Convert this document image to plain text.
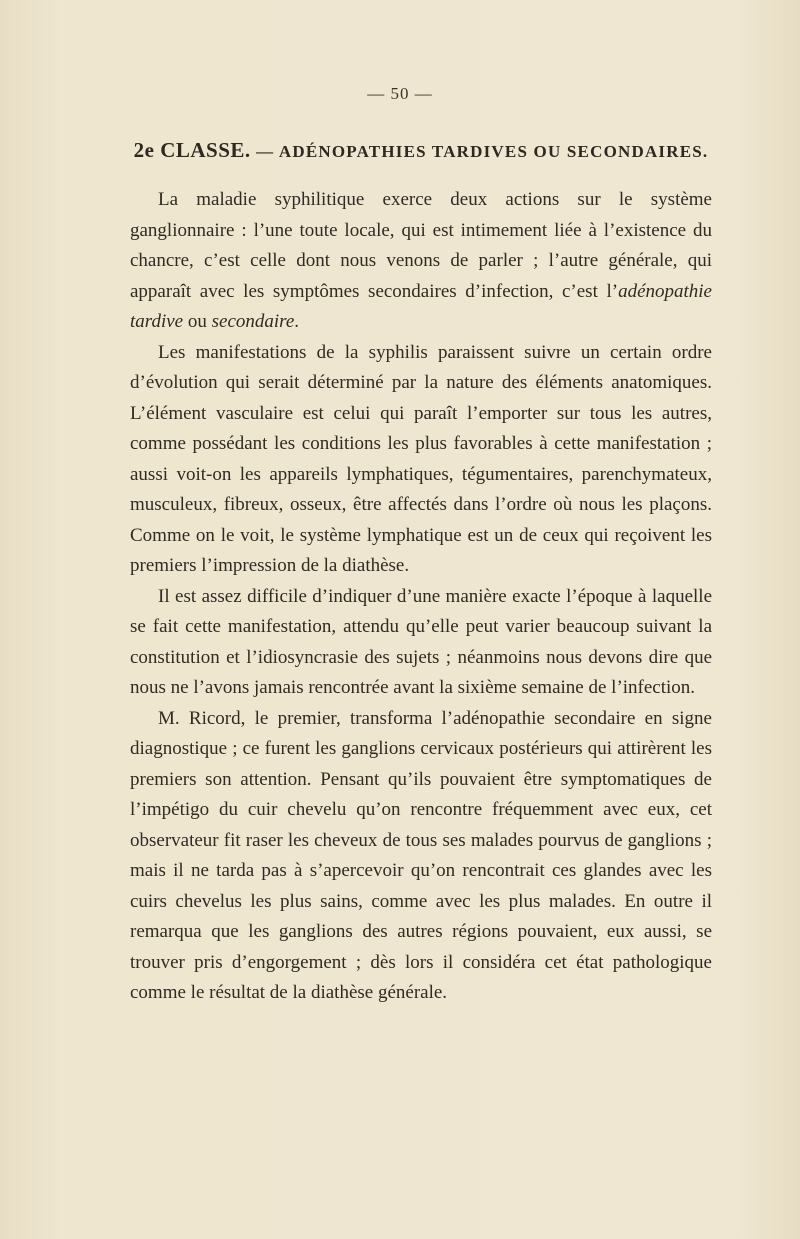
— 50 —
2e CLASSE. — ADÉNOPATHIES TARDIVES OU SECONDAIRES.

La maladie syphilitique exerce deux actions sur le système ganglionnaire : l’une toute locale, qui est intimement liée à l’existence du chancre, c’est celle dont nous venons de parler ; l’autre générale, qui apparaît avec les symptômes secondaires d’infection, c’est l’adénopathie tardive ou secondaire.

Les manifestations de la syphilis paraissent suivre un certain ordre d’évolution qui serait déterminé par la nature des éléments anatomiques. L’élément vasculaire est celui qui paraît l’emporter sur tous les autres, comme possédant les conditions les plus favorables à cette manifestation ; aussi voit-on les appareils lymphatiques, tégumentaires, parenchymateux, musculeux, fibreux, osseux, être affectés dans l’ordre où nous les plaçons. Comme on le voit, le système lymphatique est un de ceux qui reçoivent les premiers l’impression de la diathèse.

Il est assez difficile d’indiquer d’une manière exacte l’époque à laquelle se fait cette manifestation, attendu qu’elle peut varier beaucoup suivant la constitution et l’idiosyncrasie des sujets ; néanmoins nous devons dire que nous ne l’avons jamais rencontrée avant la sixième semaine de l’infection.

M. Ricord, le premier, transforma l’adénopathie secondaire en signe diagnostique ; ce furent les ganglions cervicaux postérieurs qui attirèrent les premiers son attention. Pensant qu’ils pouvaient être symptomatiques de l’impétigo du cuir chevelu qu’on rencontre fréquemment avec eux, cet observateur fit raser les cheveux de tous ses malades pourvus de ganglions ; mais il ne tarda pas à s’apercevoir qu’on rencontrait ces glandes avec les cuirs chevelus les plus sains, comme avec les plus malades. En outre il remarqua que les ganglions des autres régions pouvaient, eux aussi, se trouver pris d’engorgement ; dès lors il considéra cet état pathologique comme le résultat de la diathèse générale.
